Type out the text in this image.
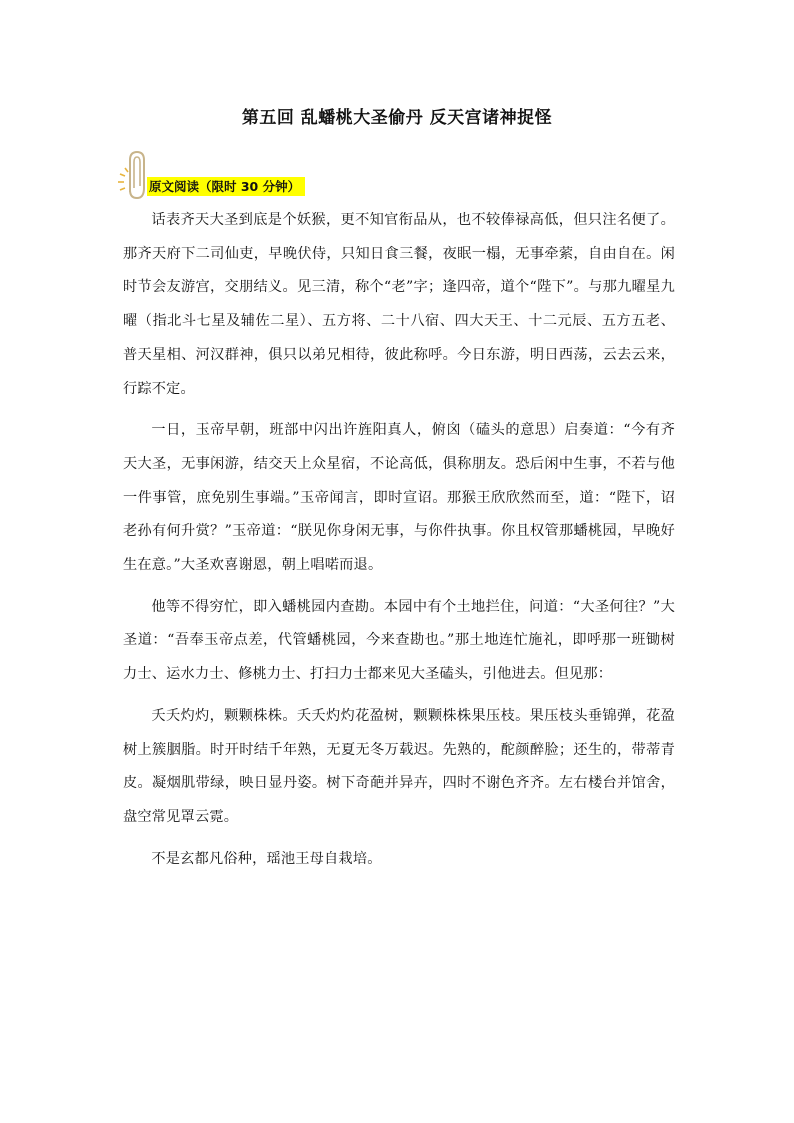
第五回 乱蟠桃大圣偷丹 反天宫诸神捉怪
原文阅读（限时 30 分钟）

话表齐天大圣到底是个妖猴，更不知官衔品从，也不较俸禄高低，但只注名便了。那齐天府下二司仙吏，早晚伏侍，只知日食三餐，夜眠一榻，无事牵萦，自由自在。闲时节会友游宫，交朋结义。见三清，称个“老”字；逢四帝，道个“陛下”。与那九曜星九曜（指北斗七星及辅佐二星）、五方将、二十八宿、四大天王、十二元辰、五方五老、普天星相、河汉群神，俱只以弟兄相待，彼此称呼。今日东游，明日西荡，云去云来，行踪不定。

一日，玉帝早朝，班部中闪出许旌阳真人，俯囟（磕头的意思）启奏道：“今有齐天大圣，无事闲游，结交天上众星宿，不论高低，俱称朋友。恐后闲中生事，不若与他一件事管，庶免别生事端。”玉帝闻言，即时宣诏。那猴王欣欣然而至，道：“陛下，诏老孙有何升赏？”玉帝道：“朕见你身闲无事，与你件执事。你且权管那蟠桃园，早晚好生在意。”大圣欢喜谢恩，朝上唱喏而退。

他等不得穷忙，即入蟠桃园内查勘。本园中有个土地拦住，问道：“大圣何往？”大圣道：“吾奉玉帝点差，代管蟠桃园，今来查勘也。”那土地连忙施礼，即呼那一班锄树力士、运水力士、修桃力士、打扫力士都来见大圣磕头，引他进去。但见那：

夭夭灼灼，颗颗株株。夭夭灼灼花盈树，颗颗株株果压枝。果压枝头垂锦弹，花盈树上簇胭脂。时开时结千年熟，无夏无冬万载迟。先熟的，酡颜醉脸；还生的，带蒂青皮。凝烟肌带绿，映日显丹姿。树下奇葩并异卉，四时不谢色齐齐。左右楼台并馆舍，盘空常见罩云霓。

不是玄都凡俗种，瑶池王母自栽培。
